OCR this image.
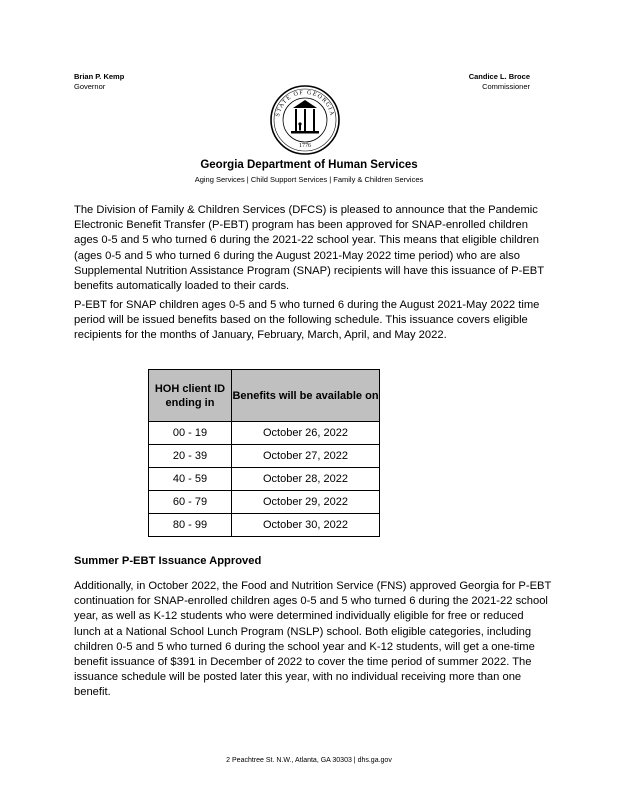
Brian P. Kemp
Governor
Candice L. Broce
Commissioner
STATE OF GEORGIA
1776
Georgia Department of Human Services
Aging Services | Child Support Services | Family & Children Services
The Division of Family & Children Services (DFCS) is pleased to announce that the Pandemic Electronic Benefit Transfer (P-EBT) program has been approved for SNAP-enrolled children ages 0-5 and 5 who turned 6 during the 2021-22 school year. This means that eligible children (ages 0-5 and 5 who turned 6 during the August 2021-May 2022 time period) who are also Supplemental Nutrition Assistance Program (SNAP) recipients will have this issuance of P-EBT benefits automatically loaded to their cards.
P-EBT for SNAP children ages 0-5 and 5 who turned 6 during the August 2021-May 2022 time period will be issued benefits based on the following schedule. This issuance covers eligible recipients for the months of January, February, March, April, and May 2022.
HOH client ID ending in	Benefits will be available on
00 - 19	October 26, 2022
20 - 39	October 27, 2022
40 - 59	October 28, 2022
60 - 79	October 29, 2022
80 - 99	October 30, 2022
Summer P-EBT Issuance Approved
Additionally, in October 2022, the Food and Nutrition Service (FNS) approved Georgia for P-EBT continuation for SNAP-enrolled children ages 0-5 and 5 who turned 6 during the 2021-22 school year, as well as K-12 students who were determined individually eligible for free or reduced lunch at a National School Lunch Program (NSLP) school. Both eligible categories, including children 0-5 and 5 who turned 6 during the school year and K-12 students, will get a one-time benefit issuance of $391 in December of 2022 to cover the time period of summer 2022. The issuance schedule will be posted later this year, with no individual receiving more than one benefit.
2 Peachtree St. N.W., Atlanta, GA 30303 | dhs.ga.gov
